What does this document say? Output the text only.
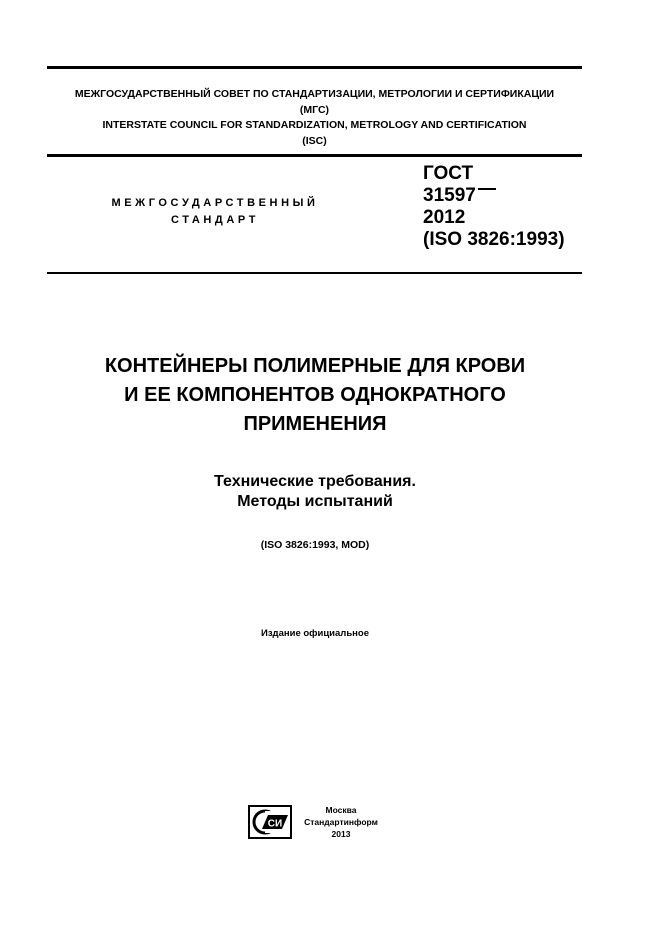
МЕЖГОСУДАРСТВЕННЫЙ СОВЕТ ПО СТАНДАРТИЗАЦИИ, МЕТРОЛОГИИ И СЕРТИФИКАЦИИ
(МГС)
INTERSTATE COUNCIL FOR STANDARDIZATION, METROLOGY AND CERTIFICATION
(ISC)
МЕЖГОСУДАРСТВЕННЫЙ
СТАНДАРТ
ГОСТ
31597
2012
(ISO 3826:1993)
КОНТЕЙНЕРЫ ПОЛИМЕРНЫЕ ДЛЯ КРОВИ
И ЕЕ КОМПОНЕНТОВ ОДНОКРАТНОГО
ПРИМЕНЕНИЯ
Технические требования.
Методы испытаний
(ISO 3826:1993, MOD)
Издание официальное
СИ
Москва
Стандартинформ
2013
